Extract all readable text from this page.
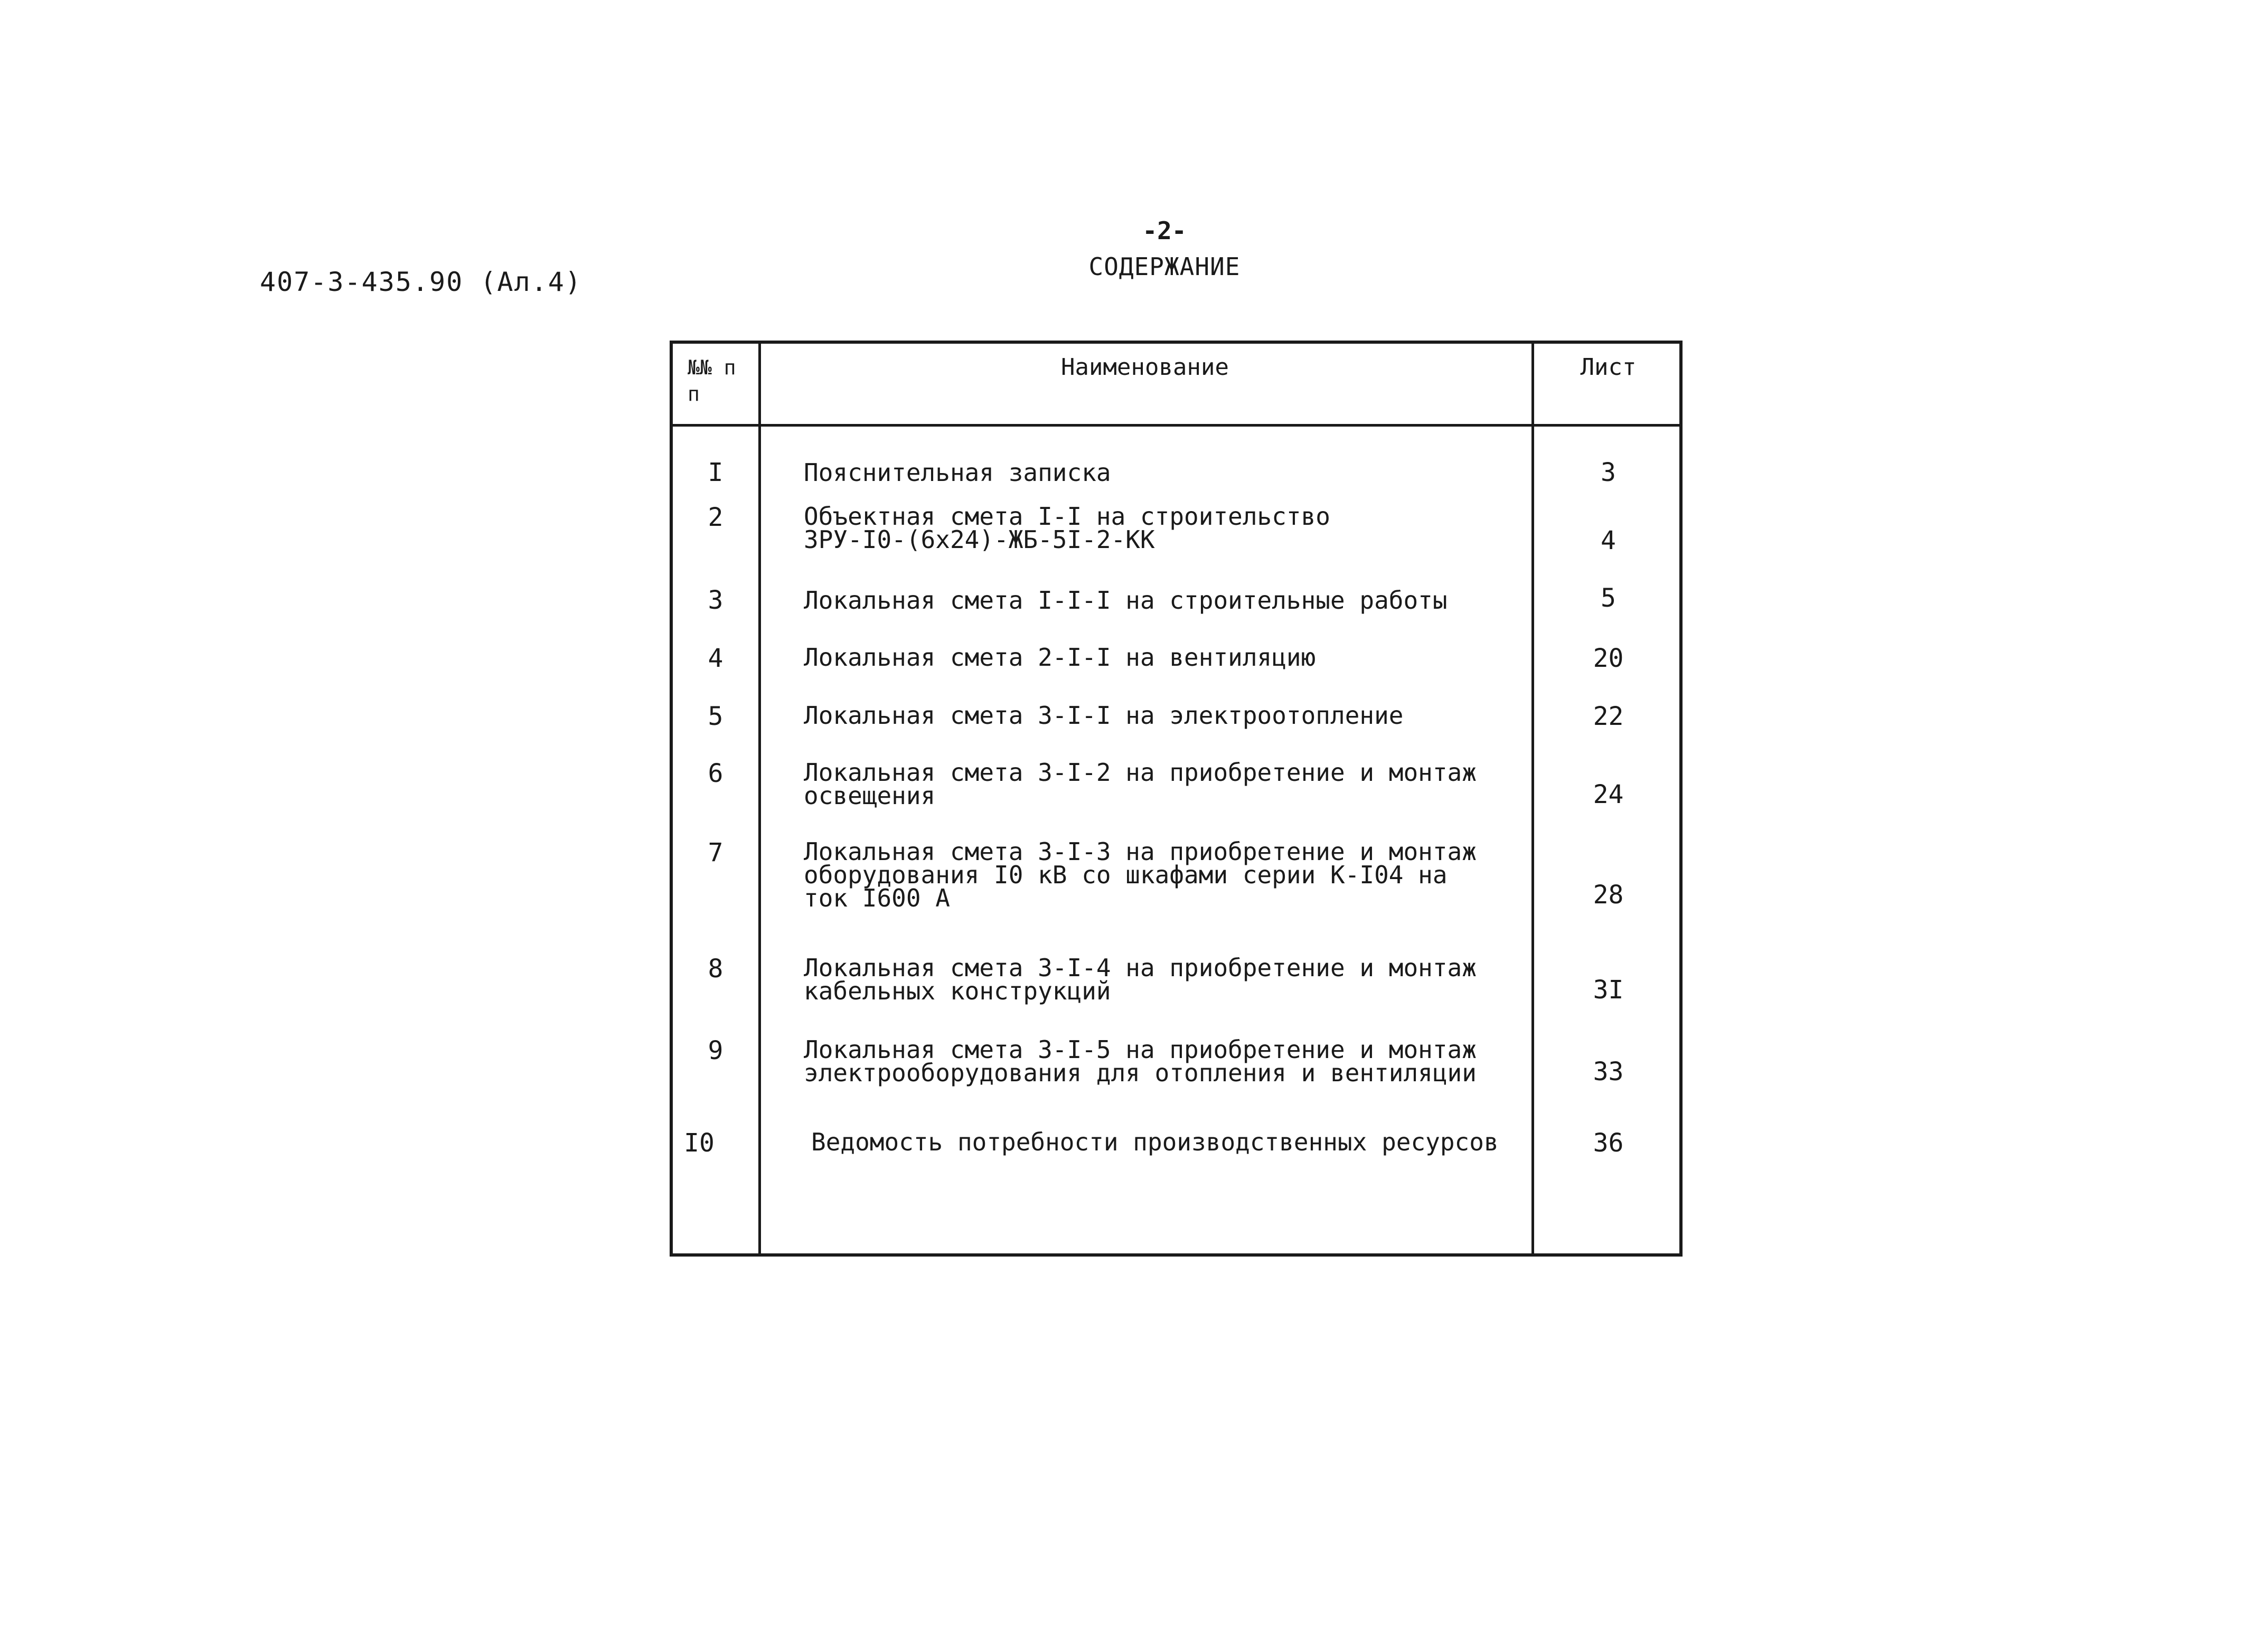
407-3-435.90 (Ал.4)
-2-
СОДЕРЖАНИЕ
№№ пп
Наименование	Лист
I	Пояснительная записка	3
2	Объектная смета I-I на строительство
ЗРУ-I0-(6х24)-ЖБ-5I-2-КК	4
3	Локальная смета I-I-I на строительные работы	5
4	Локальная смета 2-I-I на вентиляцию	20
5	Локальная смета 3-I-I на электроотопление	22
6	Локальная смета 3-I-2 на приобретение и монтаж
освещения	24
7	Локальная смета 3-I-3 на приобретение и монтаж
оборудования I0 кВ со шкафами серии К-I04 на
ток I600 А	28
8	Локальная смета 3-I-4 на приобретение и монтаж
кабельных конструкций	3I
9	Локальная смета 3-I-5 на приобретение и монтаж
электрооборудования для отопления и вентиляции	33
I0	Ведомость потребности производственных ресурсов	36
